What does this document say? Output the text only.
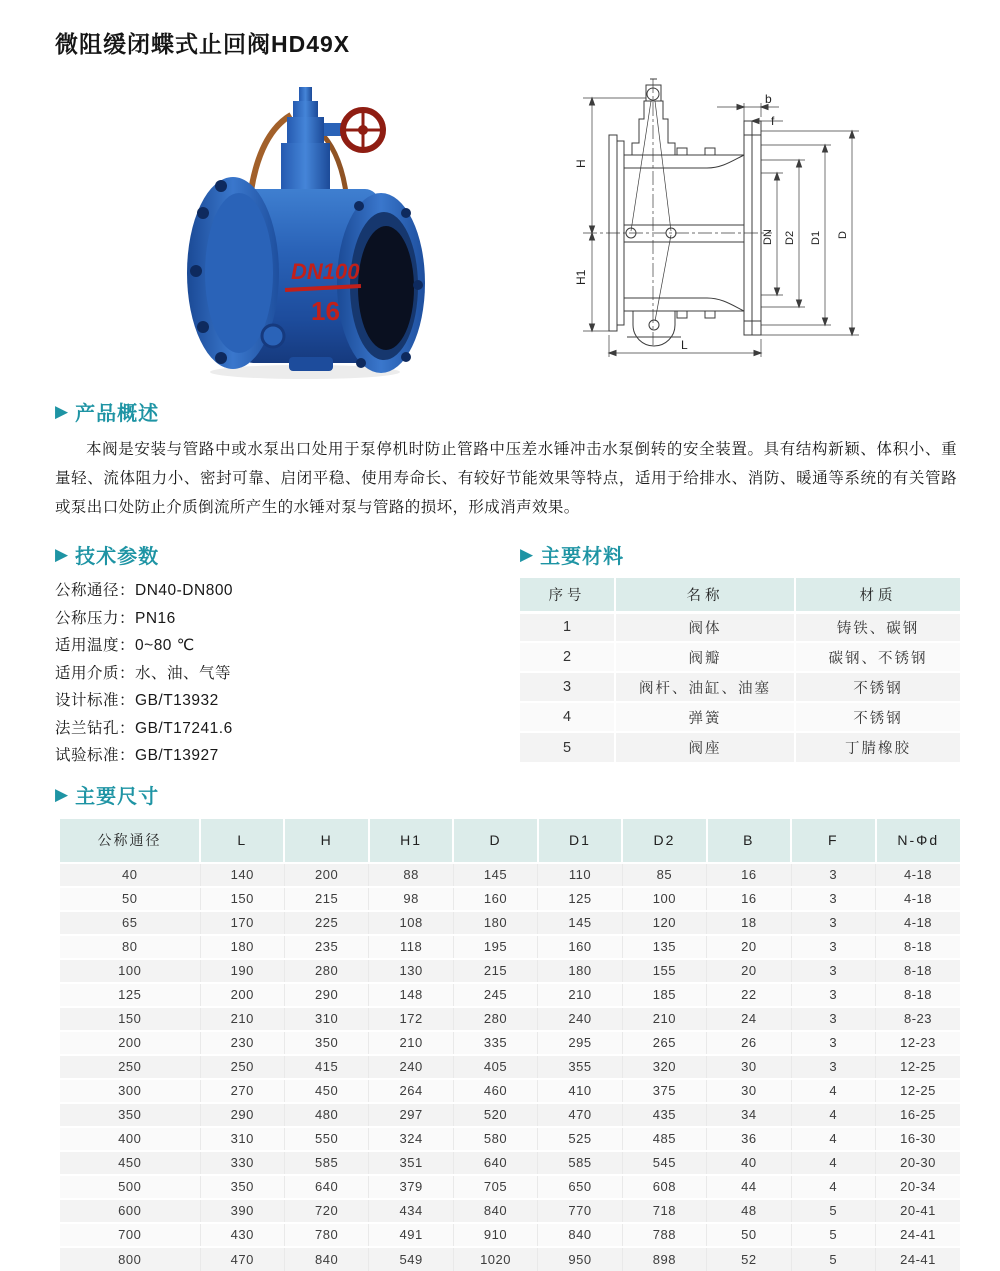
微阻缓闭蝶式止回阀HD49X
DN100
16
H
H1
L
b
f
DN D2 D1 D
▶ 产品概述
本阀是安装与管路中或水泵出口处用于泵停机时防止管路中压差水锤冲击水泵倒转的安全装置。具有结构新颖、体积小、重量轻、流体阻力小、密封可靠、启闭平稳、使用寿命长、有较好节能效果等特点，适用于给排水、消防、暖通等系统的有关管路或泵出口处防止介质倒流所产生的水锤对泵与管路的损坏，形成消声效果。
▶ 技术参数
公称通径：DN40-DN800
公称压力：PN16
适用温度：0~80 ℃
适用介质：水、油、气等
设计标准：GB/T13932
法兰钻孔：GB/T17241.6
试验标准：GB/T13927
▶ 主要材料
序号	名称	材质
1	阀体	铸铁、碳钢
2	阀瓣	碳钢、不锈钢
3	阀杆、油缸、油塞	不锈钢
4	弹簧	不锈钢
5	阀座	丁腈橡胶
▶ 主要尺寸
公称通径	L	H	H1	D	D1	D2	B	F	N-Φd
40	140	200	88	145	110	85	16	3	4-18
50	150	215	98	160	125	100	16	3	4-18
65	170	225	108	180	145	120	18	3	4-18
80	180	235	118	195	160	135	20	3	8-18
100	190	280	130	215	180	155	20	3	8-18
125	200	290	148	245	210	185	22	3	8-18
150	210	310	172	280	240	210	24	3	8-23
200	230	350	210	335	295	265	26	3	12-23
250	250	415	240	405	355	320	30	3	12-25
300	270	450	264	460	410	375	30	4	12-25
350	290	480	297	520	470	435	34	4	16-25
400	310	550	324	580	525	485	36	4	16-30
450	330	585	351	640	585	545	40	4	20-30
500	350	640	379	705	650	608	44	4	20-34
600	390	720	434	840	770	718	48	5	20-41
700	430	780	491	910	840	788	50	5	24-41
800	470	840	549	1020	950	898	52	5	24-41
